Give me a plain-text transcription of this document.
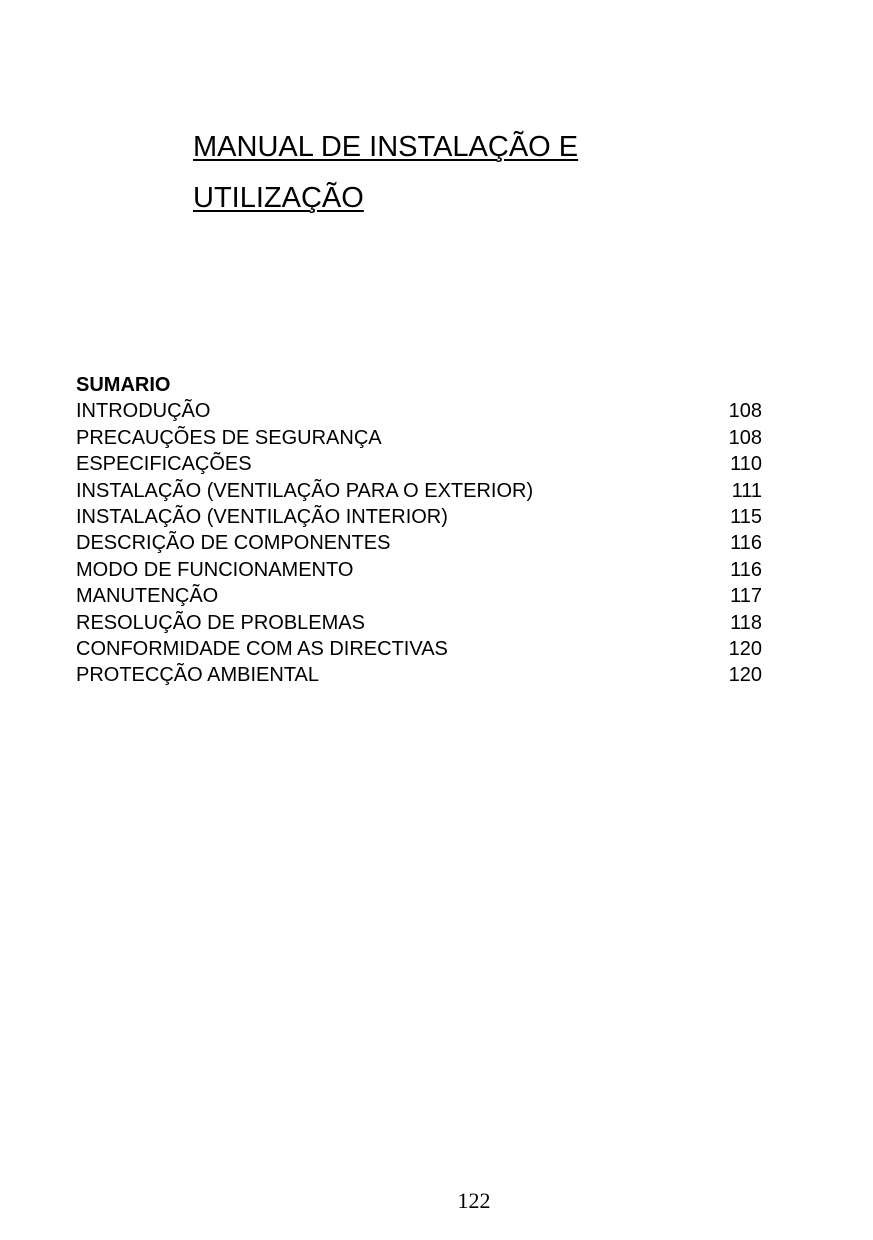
MANUAL DE INSTALAÇÃO E
UTILIZAÇÃO
SUMARIO
INTRODUÇÃO	108
PRECAUÇÕES DE SEGURANÇA	108
ESPECIFICAÇÕES	110
INSTALAÇÃO (VENTILAÇÃO PARA O EXTERIOR)	111
INSTALAÇÃO (VENTILAÇÃO INTERIOR)	115
DESCRIÇÃO DE COMPONENTES	116
MODO DE FUNCIONAMENTO	116
MANUTENÇÃO	117
RESOLUÇÃO DE PROBLEMAS	118
CONFORMIDADE COM AS DIRECTIVAS	120
PROTECÇÃO AMBIENTAL	120
122
